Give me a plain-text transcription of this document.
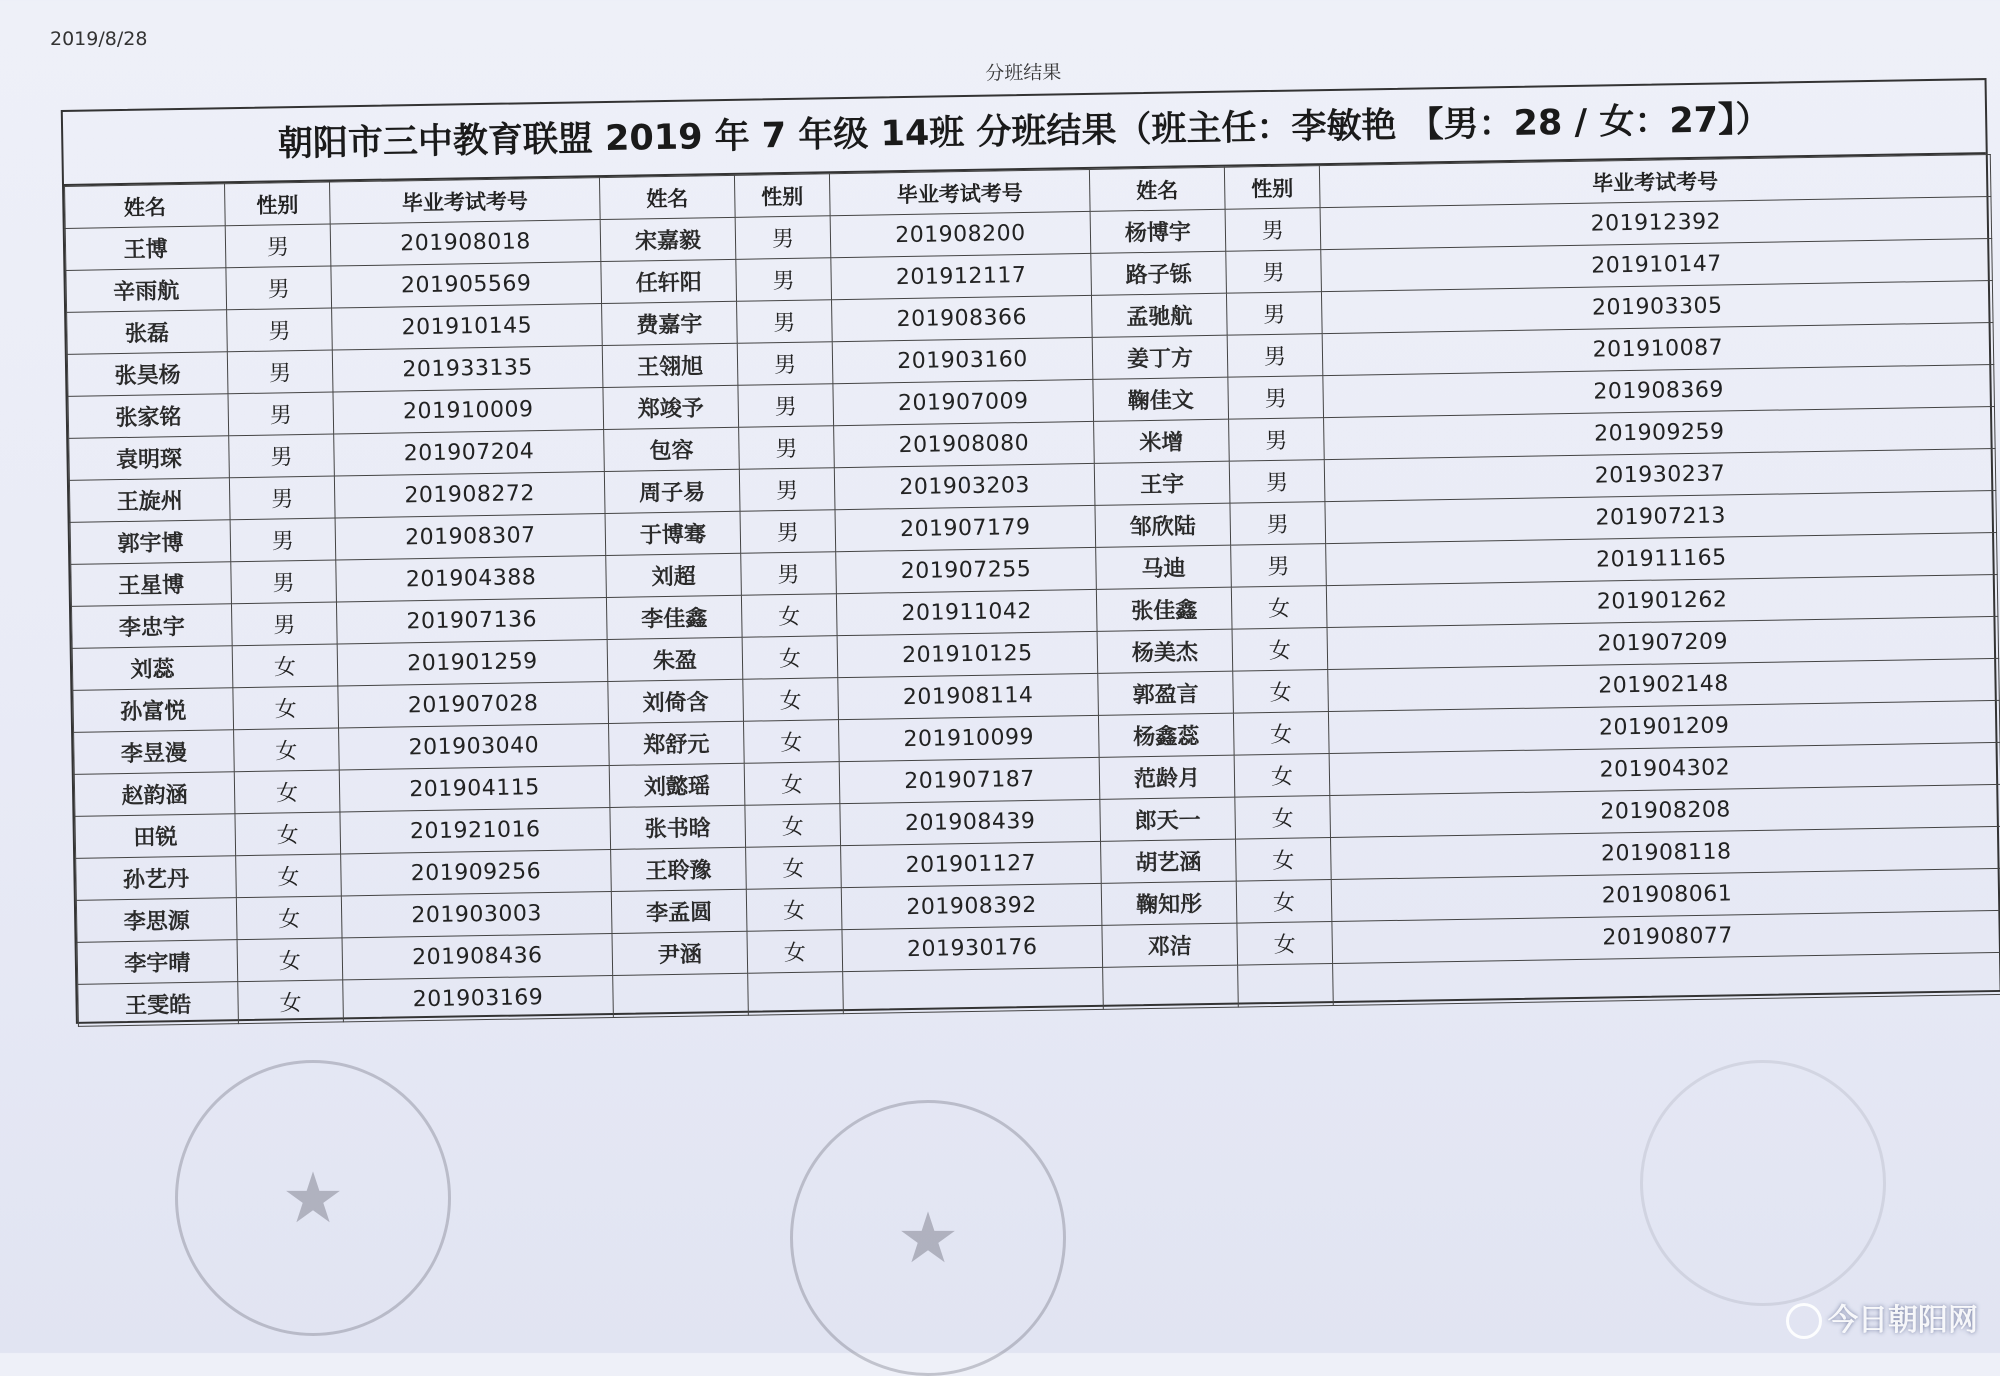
2019/8/28
分班结果
朝阳市三中教育联盟 2019 年 7 年级 14班 分班结果（班主任：李敏艳 【男：28 / 女：27】）
姓名	性别	毕业考试考号	姓名	性别	毕业考试考号	姓名	性别	毕业考试考号
王博	男	201908018	宋嘉毅	男	201908200	杨博宇	男	201912392
辛雨航	男	201905569	任轩阳	男	201912117	路子铄	男	201910147
张磊	男	201910145	费嘉宇	男	201908366	孟驰航	男	201903305
张昊杨	男	201933135	王翎旭	男	201903160	姜丁方	男	201910087
张家铭	男	201910009	郑竣予	男	201907009	鞠佳文	男	201908369
袁明琛	男	201907204	包容	男	201908080	米增	男	201909259
王旋州	男	201908272	周子易	男	201903203	王宇	男	201930237
郭宇博	男	201908307	于博骞	男	201907179	邹欣陆	男	201907213
王星博	男	201904388	刘超	男	201907255	马迪	男	201911165
李忠宇	男	201907136	李佳鑫	女	201911042	张佳鑫	女	201901262
刘蕊	女	201901259	朱盈	女	201910125	杨美杰	女	201907209
孙富悦	女	201907028	刘倚含	女	201908114	郭盈言	女	201902148
李昱漫	女	201903040	郑舒元	女	201910099	杨鑫蕊	女	201901209
赵韵涵	女	201904115	刘懿瑶	女	201907187	范龄月	女	201904302
田锐	女	201921016	张书晗	女	201908439	郎天一	女	201908208
孙艺丹	女	201909256	王聆豫	女	201901127	胡艺涵	女	201908118
李思源	女	201903003	李孟圆	女	201908392	鞠知彤	女	201908061
李宇晴	女	201908436	尹涵	女	201930176	邓洁	女	201908077
王雯皓	女	201903169						
★	★
今日朝阳网
